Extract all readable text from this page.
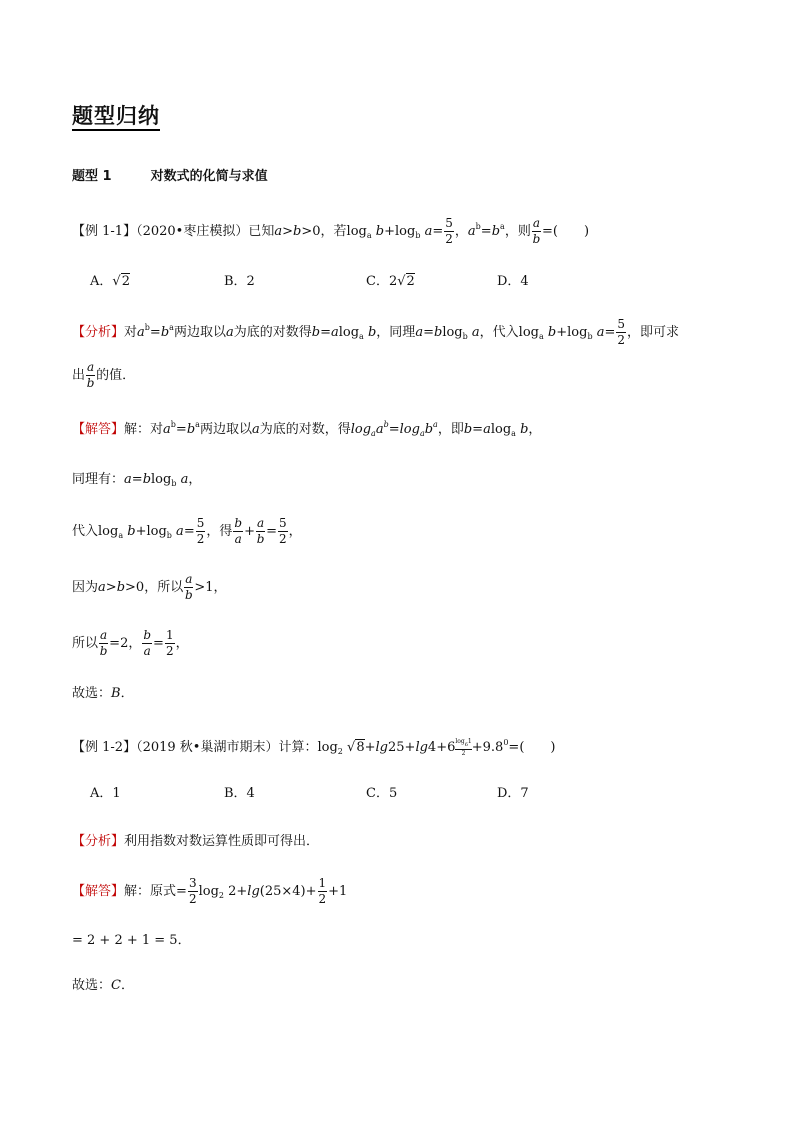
题型归纳
题型 1	对数式的化简与求值
【例 1-1】（2020•枣庄模拟）已知a>b>0，若$\log_a b+\log_b$ $a= \frac{5}{2}$ ，$a^b=b^a$，则 $\frac{a}{b}$ =(　　)
A．√2	B．2	C．2√2	D．4
【分析】对$a^b=b^a$两边取以a为底的对数得b=alog$_a$ b，同理a=blog$_b$ a，代入$\log_a b+\log_b$ $a= \frac{5}{2}$ ，即可求
出 $\frac{a}{b}$ 的值．
【解答】解：对$a^b=b^a$两边取以a为底的对数，得$\log_aa^b=\log_ab^a$，即b=alog$_a$ b，
同理有：a=blog$_b$ a，
代入$\log_a b+\log_b$ $a= \frac{5}{2}$ ，得 $\frac{b}{a} + \frac{a}{b} = \frac{5}{2}$ ，
因为a>b>0，所以 $\frac{a}{b} >1$，
所以 $\frac{a}{b} =2$， $\frac{b}{a} = \frac{1}{2}$ ，
故选：B．
【例 1-2】（2019 秋•巢湖市期末）计算：$\log_2 √8+\lg 25+\lg 4+6 \frac{\log_61}{2} +9.8^0=$(　　)
A．1	B．4	C．5	D．7
【分析】利用指数对数运算性质即可得出．
【解答】解：原式= $\frac{3}{2} \log_2 2+\lg(25\times 4)+ \frac{1}{2} +1$
= 2 + 2 + 1 = 5．
故选：C．
